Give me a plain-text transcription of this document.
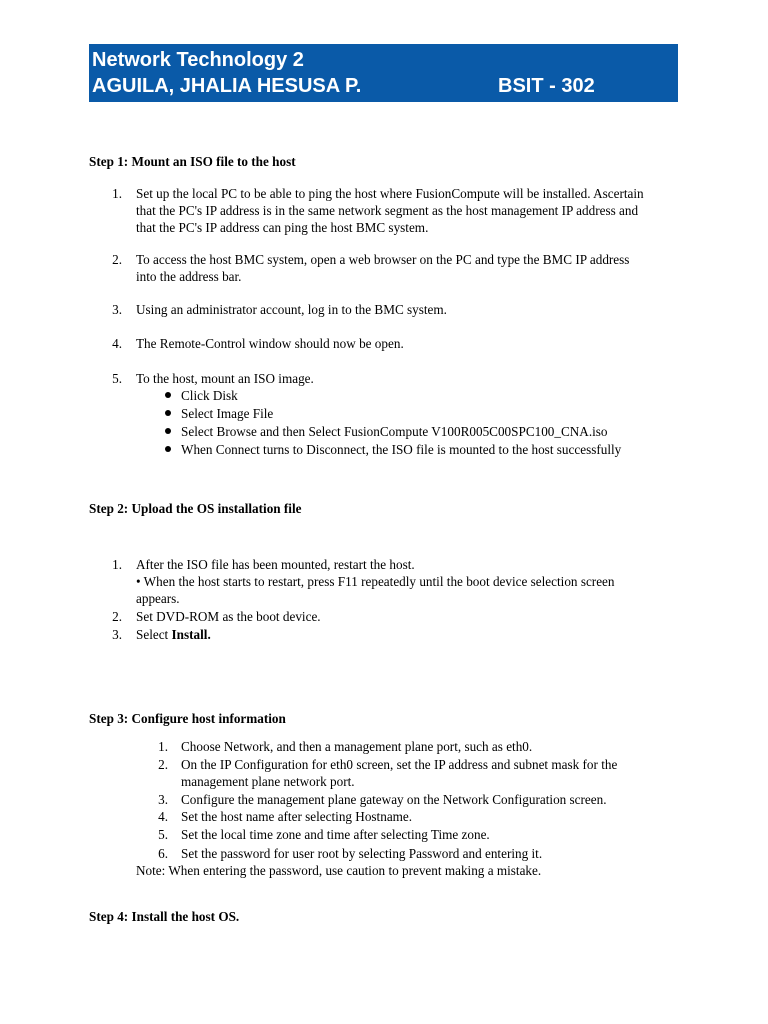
Network Technology 2
AGUILA, JHALIA HESUSA P.	BSIT - 302
Step 1: Mount an ISO file to the host
1. Set up the local PC to be able to ping the host where FusionCompute will be installed. Ascertain
that the PC's IP address is in the same network segment as the host management IP address and
that the PC's IP address can ping the host BMC system.
2. To access the host BMC system, open a web browser on the PC and type the BMC IP address
into the address bar.
3. Using an administrator account, log in to the BMC system.
4. The Remote-Control window should now be open.
5. To the host, mount an ISO image.
Click Disk
Select Image File
Select Browse and then Select FusionCompute V100R005C00SPC100_CNA.iso
When Connect turns to Disconnect, the ISO file is mounted to the host successfully
Step 2: Upload the OS installation file
1. After the ISO file has been mounted, restart the host.
• When the host starts to restart, press F11 repeatedly until the boot device selection screen
appears.
2. Set DVD-ROM as the boot device.
3. Select Install.
Step 3: Configure host information
1. Choose Network, and then a management plane port, such as eth0.
2. On the IP Configuration for eth0 screen, set the IP address and subnet mask for the
management plane network port.
3. Configure the management plane gateway on the Network Configuration screen.
4. Set the host name after selecting Hostname.
5. Set the local time zone and time after selecting Time zone.
6. Set the password for user root by selecting Password and entering it.
Note: When entering the password, use caution to prevent making a mistake.
Step 4: Install the host OS.
